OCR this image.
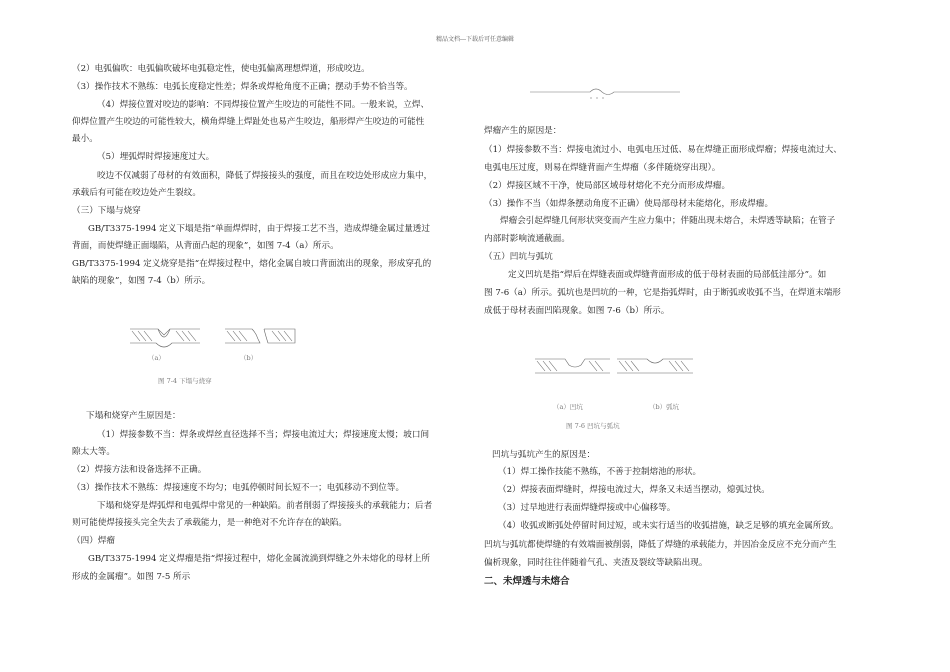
精品文档---下载后可任意编辑
（2）电弧偏吹：电弧偏吹破坏电弧稳定性，使电弧偏离理想焊道，形成咬边。
（3）操作技术不熟练：电弧长度稳定性差；焊条或焊枪角度不正确；摆动手势不恰当等。
（4）焊接位置对咬边的影响：不同焊接位置产生咬边的可能性不同。一般来说，立焊、
仰焊位置产生咬边的可能性较大，横角焊缝上焊趾处也易产生咬边，船形焊产生咬边的可能性
最小。
（5）埋弧焊时焊接速度过大。
咬边不仅减弱了母材的有效面积，降低了焊接接头的强度，而且在咬边处形成应力集中，
承载后有可能在咬边处产生裂纹。
（三）下塌与烧穿
GB/T3375-1994 定义下塌是指“单面焊焊时，由于焊接工艺不当，造成焊缝金属过量透过
背面，而使焊缝正面塌陷，从背面凸起的现象”，如图 7-4（a）所示。
GB/T3375-1994 定义烧穿是指“在焊接过程中，熔化金属自坡口背面流出的现象，形成穿孔的
缺陷的现象”，如图 7-4（b）所示。
（a）	（b）
图 7-4 下塌与烧穿
下塌和烧穿产生原因是：
（1）焊接参数不当：焊条或焊丝直径选择不当；焊接电流过大；焊接速度太慢；坡口间
隙太大等。
（2）焊接方法和设备选择不正确。
（3）操作技术不熟练：焊接速度不均匀；电弧停顿时间长短不一；电弧移动不到位等。
下塌和烧穿是焊弧焊和电弧焊中常见的一种缺陷。前者削弱了焊接接头的承载能力；后者
则可能使焊接接头完全失去了承载能力，是一种绝对不允许存在的缺陷。
（四）焊瘤
GB/T3375-1994 定义焊瘤是指“焊接过程中，熔化金属流淌到焊缝之外未熔化的母材上所
形成的金属瘤”。如图 7-5 所示
焊瘤产生的原因是：
（1）焊接参数不当：焊接电流过小、电弧电压过低、易在焊缝正面形成焊瘤；焊接电流过大、
电弧电压过度，则易在焊缝背面产生焊瘤（多伴随烧穿出现）。
（2）焊接区域不干净，使局部区域母材熔化不充分而形成焊瘤。
（3）操作不当（如焊条摆动角度不正确）使局部母材未能熔化，形成焊瘤。
焊瘤会引起焊缝几何形状突变而产生应力集中；伴随出现未熔合，未焊透等缺陷；在管子
内部时影响流通截面。
（五）凹坑与弧坑
定义凹坑是指“焊后在焊缝表面或焊缝背面形成的低于母材表面的局部低洼部分”。如
图 7-6（a）所示。弧坑也是凹坑的一种，它是指弧焊时，由于断弧或收弧不当，在焊道末端形
成低于母材表面凹陷现象。如图 7-6（b）所示。
（a）凹坑	（b）弧坑
图 7-6 凹坑与弧坑
凹坑与弧坑产生的原因是：
（1）焊工操作技能不熟练，不善于控制熔池的形状。
（2）焊接表面焊缝时，焊接电流过大，焊条又未适当摆动，熄弧过快。
（3）过早地进行表面焊缝焊接或中心偏移等。
（4）收弧或断弧处停留时间过短，或未实行适当的收弧措施，缺乏足够的填充金属所致。
凹坑与弧坑都使焊缝的有效端面被削弱，降低了焊缝的承载能力，并因冶金反应不充分而产生
偏析现象，同时往往伴随着气孔、夹渣及裂纹等缺陷出现。
二、未焊透与未熔合
